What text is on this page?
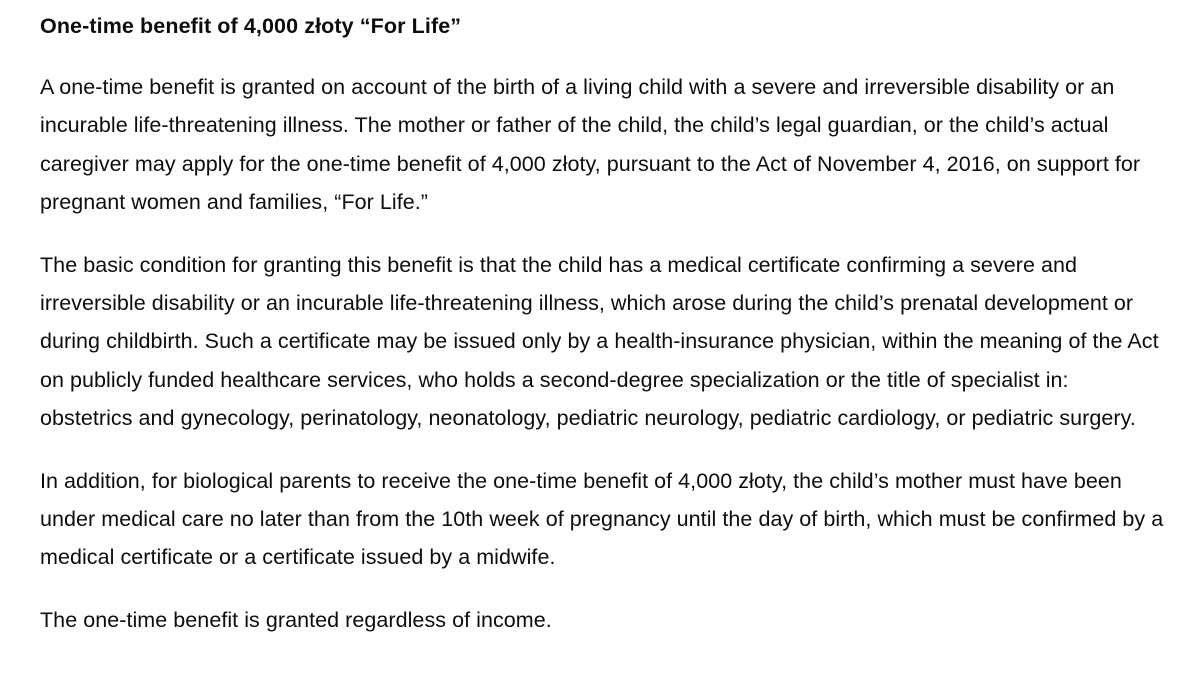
One-time benefit of 4,000 złoty “For Life”

A one-time benefit is granted on account of the birth of a living child with a severe and irreversible disability or an incurable life-threatening illness. The mother or father of the child, the child’s legal guardian, or the child’s actual caregiver may apply for the one-time benefit of 4,000 złoty, pursuant to the Act of November 4, 2016, on support for pregnant women and families, “For Life.”

The basic condition for granting this benefit is that the child has a medical certificate confirming a severe and irreversible disability or an incurable life-threatening illness, which arose during the child’s prenatal development or during childbirth. Such a certificate may be issued only by a health-insurance physician, within the meaning of the Act on publicly funded healthcare services, who holds a second-degree specialization or the title of specialist in: obstetrics and gynecology, perinatology, neonatology, pediatric neurology, pediatric cardiology, or pediatric surgery.

In addition, for biological parents to receive the one-time benefit of 4,000 złoty, the child’s mother must have been under medical care no later than from the 10th week of pregnancy until the day of birth, which must be confirmed by a medical certificate or a certificate issued by a midwife.

The one-time benefit is granted regardless of income.
